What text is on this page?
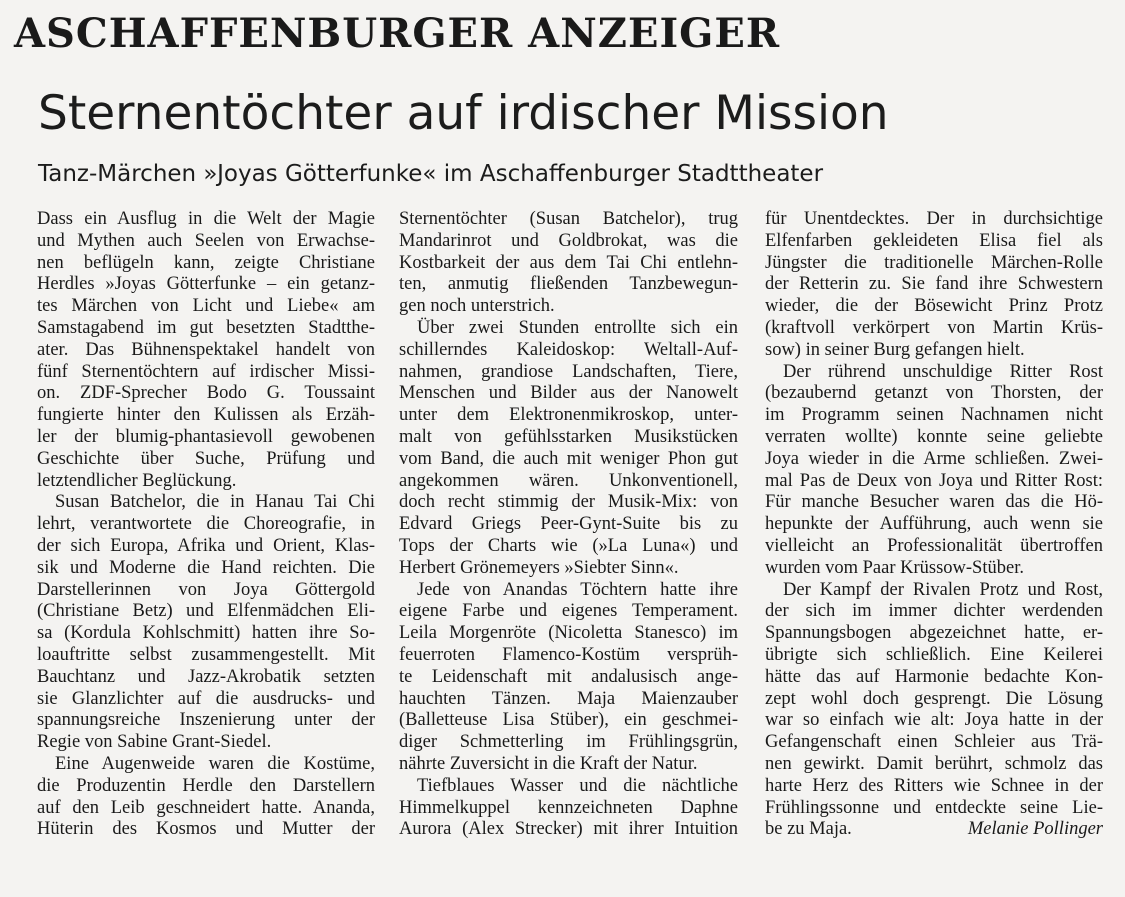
ASCHAFFENBURGER ANZEIGER
Sternentöchter auf irdischer Mission
Tanz-Märchen »Joyas Götterfunke« im Aschaffenburger Stadttheater
Dass ein Ausflug in die Welt der Magie
und Mythen auch Seelen von Erwachse-
nen beflügeln kann, zeigte Christiane
Herdles »Joyas Götterfunke – ein getanz-
tes Märchen von Licht und Liebe« am
Samstagabend im gut besetzten Stadtthe-
ater. Das Bühnenspektakel handelt von
fünf Sternentöchtern auf irdischer Missi-
on. ZDF-Sprecher Bodo G. Toussaint
fungierte hinter den Kulissen als Erzäh-
ler der blumig-phantasievoll gewobenen
Geschichte über Suche, Prüfung und
letztendlicher Beglückung.
Susan Batchelor, die in Hanau Tai Chi
lehrt, verantwortete die Choreografie, in
der sich Europa, Afrika und Orient, Klas-
sik und Moderne die Hand reichten. Die
Darstellerinnen von Joya Göttergold
(Christiane Betz) und Elfenmädchen Eli-
sa (Kordula Kohlschmitt) hatten ihre So-
loauftritte selbst zusammengestellt. Mit
Bauchtanz und Jazz-Akrobatik setzten
sie Glanzlichter auf die ausdrucks- und
spannungsreiche Inszenierung unter der
Regie von Sabine Grant-Siedel.
Eine Augenweide waren die Kostüme,
die Produzentin Herdle den Darstellern
auf den Leib geschneidert hatte. Ananda,
Hüterin des Kosmos und Mutter der
Sternentöchter (Susan Batchelor), trug
Mandarinrot und Goldbrokat, was die
Kostbarkeit der aus dem Tai Chi entlehn-
ten, anmutig fließenden Tanzbewegun-
gen noch unterstrich.
Über zwei Stunden entrollte sich ein
schillerndes Kaleidoskop: Weltall-Auf-
nahmen, grandiose Landschaften, Tiere,
Menschen und Bilder aus der Nanowelt
unter dem Elektronenmikroskop, unter-
malt von gefühlsstarken Musikstücken
vom Band, die auch mit weniger Phon gut
angekommen wären. Unkonventionell,
doch recht stimmig der Musik-Mix: von
Edvard Griegs Peer-Gynt-Suite bis zu
Tops der Charts wie (»La Luna«) und
Herbert Grönemeyers »Siebter Sinn«.
Jede von Anandas Töchtern hatte ihre
eigene Farbe und eigenes Temperament.
Leila Morgenröte (Nicoletta Stanesco) im
feuerroten Flamenco-Kostüm versprüh-
te Leidenschaft mit andalusisch ange-
hauchten Tänzen. Maja Maienzauber
(Balletteuse Lisa Stüber), ein geschmei-
diger Schmetterling im Frühlingsgrün,
nährte Zuversicht in die Kraft der Natur.
Tiefblaues Wasser und die nächtliche
Himmelkuppel kennzeichneten Daphne
Aurora (Alex Strecker) mit ihrer Intuition
für Unentdecktes. Der in durchsichtige
Elfenfarben gekleideten Elisa fiel als
Jüngster die traditionelle Märchen-Rolle
der Retterin zu. Sie fand ihre Schwestern
wieder, die der Bösewicht Prinz Protz
(kraftvoll verkörpert von Martin Krüs-
sow) in seiner Burg gefangen hielt.
Der rührend unschuldige Ritter Rost
(bezaubernd getanzt von Thorsten, der
im Programm seinen Nachnamen nicht
verraten wollte) konnte seine geliebte
Joya wieder in die Arme schließen. Zwei-
mal Pas de Deux von Joya und Ritter Rost:
Für manche Besucher waren das die Hö-
hepunkte der Aufführung, auch wenn sie
vielleicht an Professionalität übertroffen
wurden vom Paar Krüssow-Stüber.
Der Kampf der Rivalen Protz und Rost,
der sich im immer dichter werdenden
Spannungsbogen abgezeichnet hatte, er-
übrigte sich schließlich. Eine Keilerei
hätte das auf Harmonie bedachte Kon-
zept wohl doch gesprengt. Die Lösung
war so einfach wie alt: Joya hatte in der
Gefangenschaft einen Schleier aus Trä-
nen gewirkt. Damit berührt, schmolz das
harte Herz des Ritters wie Schnee in der
Frühlingssonne und entdeckte seine Lie-
be zu Maja.	Melanie Pollinger
